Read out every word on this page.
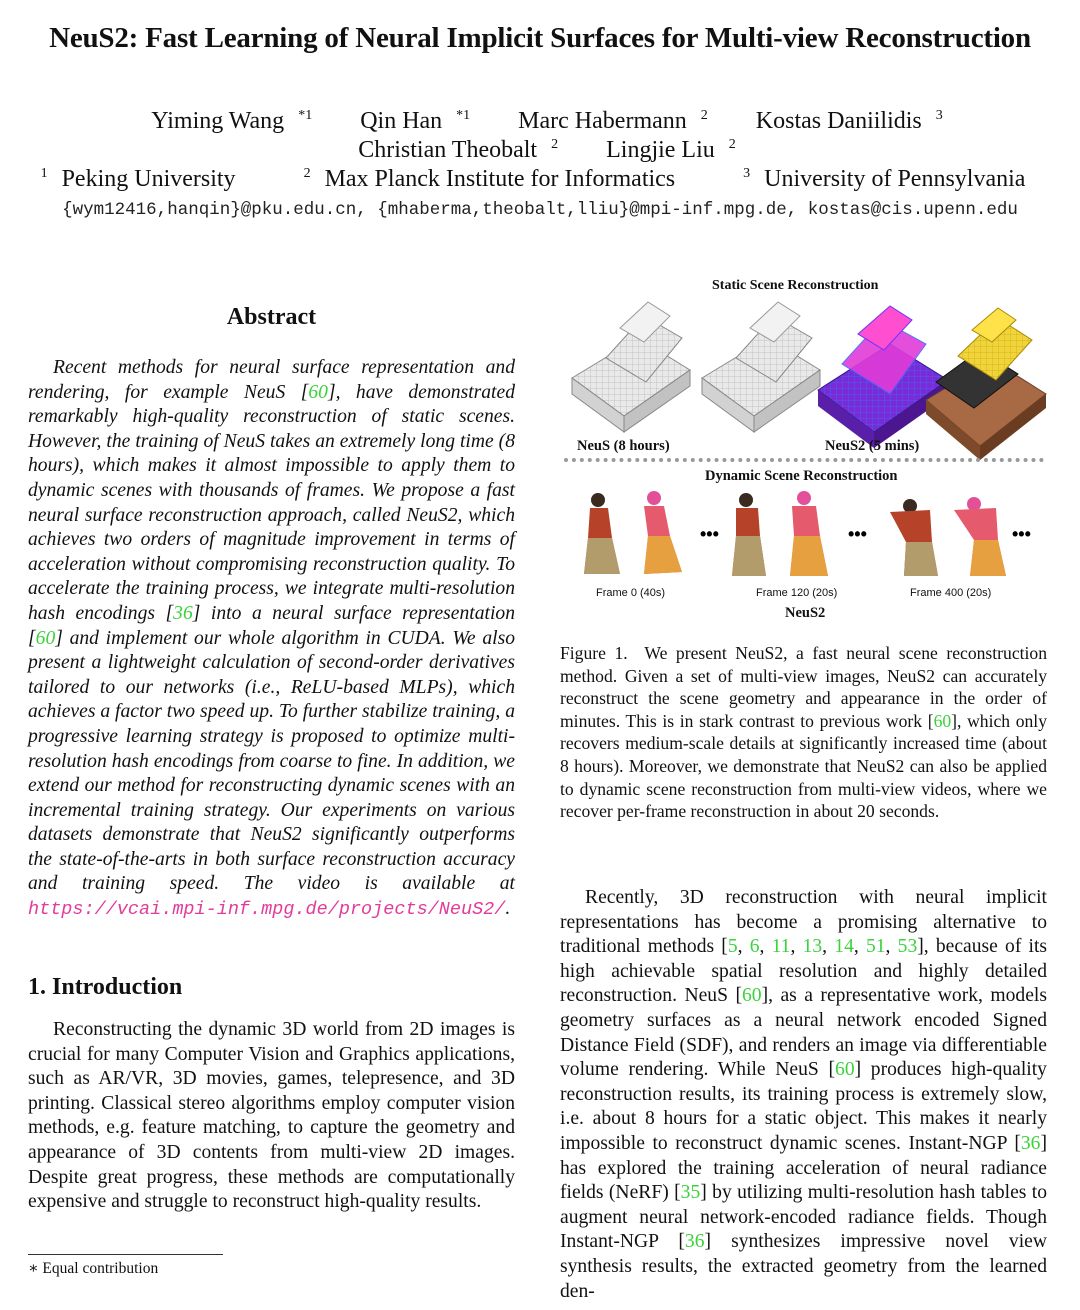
NeuS2: Fast Learning of Neural Implicit Surfaces for Multi-view Reconstruction
Yiming Wang $^{*1}$ Qin Han $^{*1}$ Marc Habermann $^2$ Kostas Daniilidis $^3$
Christian Theobalt $^2$ Lingjie Liu $^2$
$^1$ Peking University	$^2$ Max Planck Institute for Informatics	$^3$ University of Pennsylvania
{wym12416,hanqin}@pku.edu.cn, {mhaberma,theobalt,lliu}@mpi-inf.mpg.de, kostas@cis.upenn.edu
Abstract
Recent methods for neural surface representation and rendering, for example NeuS [60], have demonstrated remarkably high-quality reconstruction of static scenes. However, the training of NeuS takes an extremely long time (8 hours), which makes it almost impossible to apply them to dynamic scenes with thousands of frames. We propose a fast neural surface reconstruction approach, called NeuS2, which achieves two orders of magnitude improvement in terms of acceleration without compromising reconstruction quality. To accelerate the training process, we integrate multi-resolution hash encodings [36] into a neural surface representation [60] and implement our whole algorithm in CUDA. We also present a lightweight calculation of second-order derivatives tailored to our networks (i.e., ReLU-based MLPs), which achieves a factor two speed up. To further stabilize training, a progressive learning strategy is proposed to optimize multi-resolution hash encodings from coarse to fine. In addition, we extend our method for reconstructing dynamic scenes with an incremental training strategy. Our experiments on various datasets demonstrate that NeuS2 significantly outperforms the state-of-the-arts in both surface reconstruction accuracy and training speed. The video is available at https://vcai.mpi-inf.mpg.de/projects/NeuS2/.
1. Introduction
Reconstructing the dynamic 3D world from 2D images is crucial for many Computer Vision and Graphics applications, such as AR/VR, 3D movies, games, telepresence, and 3D printing. Classical stereo algorithms employ computer vision methods, e.g. feature matching, to capture the geometry and appearance of 3D contents from multi-view 2D images. Despite great progress, these methods are computationally expensive and struggle to reconstruct high-quality results.
∗ Equal contribution
Static Scene Reconstruction
NeuS (8 hours)	NeuS2 (5 mins)
Dynamic Scene Reconstruction
•••	•••	•••
Frame 0 (40s)	Frame 120 (20s)	Frame 400 (20s)
NeuS2
Figure 1. We present NeuS2, a fast neural scene reconstruction method. Given a set of multi-view images, NeuS2 can accurately reconstruct the scene geometry and appearance in the order of minutes. This is in stark contrast to previous work [60], which only recovers medium-scale details at significantly increased time (about 8 hours). Moreover, we demonstrate that NeuS2 can also be applied to dynamic scene reconstruction from multi-view videos, where we recover per-frame reconstruction in about 20 seconds.
Recently, 3D reconstruction with neural implicit representations has become a promising alternative to traditional methods [5, 6, 11, 13, 14, 51, 53], because of its high achievable spatial resolution and highly detailed reconstruction. NeuS [60], as a representative work, models geometry surfaces as a neural network encoded Signed Distance Field (SDF), and renders an image via differentiable volume rendering. While NeuS [60] produces high-quality reconstruction results, its training process is extremely slow, i.e. about 8 hours for a static object. This makes it nearly impossible to reconstruct dynamic scenes. Instant-NGP [36] has explored the training acceleration of neural radiance fields (NeRF) [35] by utilizing multi-resolution hash tables to augment neural network-encoded radiance fields. Though Instant-NGP [36] synthesizes impressive novel view synthesis results, the extracted geometry from the learned den-
